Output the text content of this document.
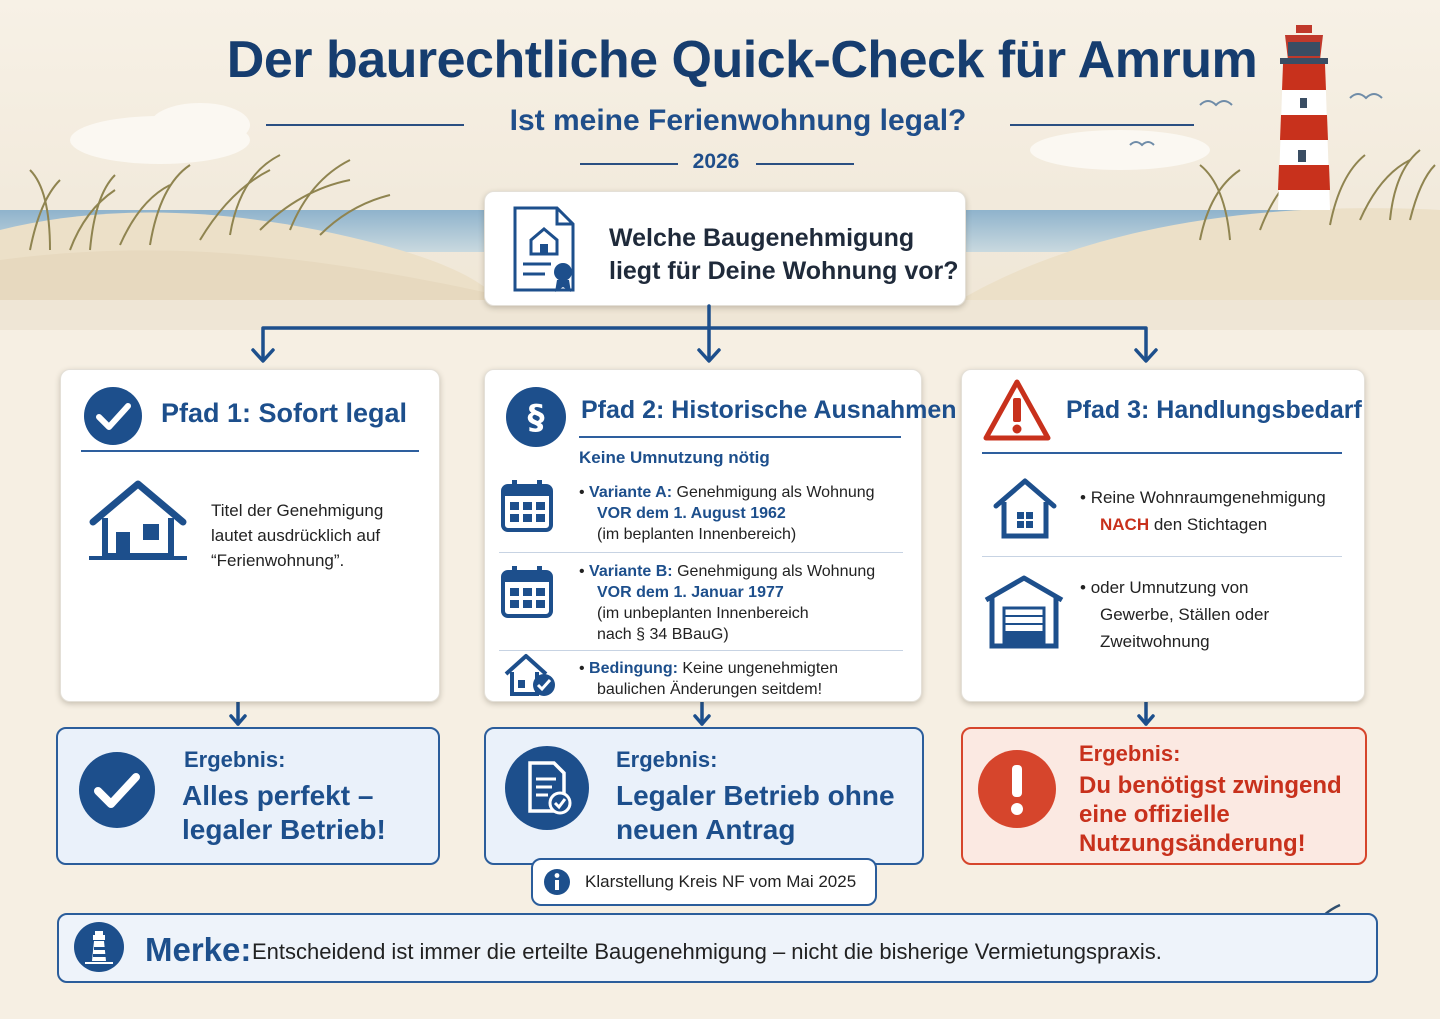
Der baurechtliche Quick-Check für Amrum
Ist meine Ferienwohnung legal?
2026
Welche Baugenehmigung
liegt für Deine Wohnung vor?
Pfad 1: Sofort legal
Titel der Genehmigung
lautet ausdrücklich auf
“Ferienwohnung”.
§ Pfad 2: Historische Ausnahmen
Keine Umnutzung nötig
• Variante A: Genehmigung als Wohnung
VOR dem 1. August 1962
(im beplanten Innenbereich)
• Variante B: Genehmigung als Wohnung
VOR dem 1. Januar 1977
(im unbeplanten Innenbereich
nach § 34 BBauG)
• Bedingung: Keine ungenehmigten
baulichen Änderungen seitdem!
Pfad 3: Handlungsbedarf
• Reine Wohnraumgenehmigung
NACH den Stichtagen
• oder Umnutzung von
Gewerbe, Ställen oder
Zweitwohnung
Ergebnis:
Alles perfekt –
legaler Betrieb!
Ergebnis:
Legaler Betrieb ohne
neuen Antrag
Klarstellung Kreis NF vom Mai 2025
Ergebnis:
Du benötigst zwingend
eine offizielle
Nutzungsänderung!
Merke: Entscheidend ist immer die erteilte Baugenehmigung – nicht die bisherige Vermietungspraxis.
